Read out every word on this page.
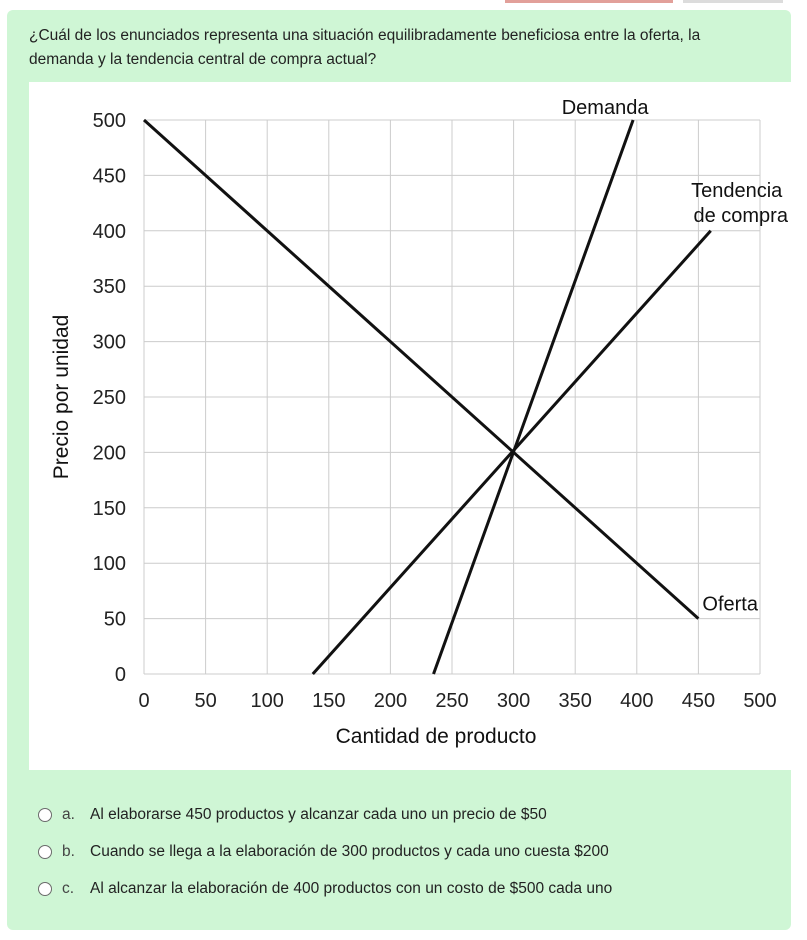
¿Cuál de los enunciados representa una situación equilibradamente beneficiosa entre la oferta, la demanda y la tendencia central de compra actual?
0 50 100 150 200 250 300 350 400 450 500
0
50
100
150
200
250
300
350
400
450
500
Cantidad de producto
Precio por unidad
Demanda
Tendencia
de compra
Oferta
a. Al elaborarse 450 productos y alcanzar cada uno un precio de $50
b. Cuando se llega a la elaboración de 300 productos y cada uno cuesta $200
c.	Al alcanzar la elaboración de 400 productos con un costo de $500 cada uno
